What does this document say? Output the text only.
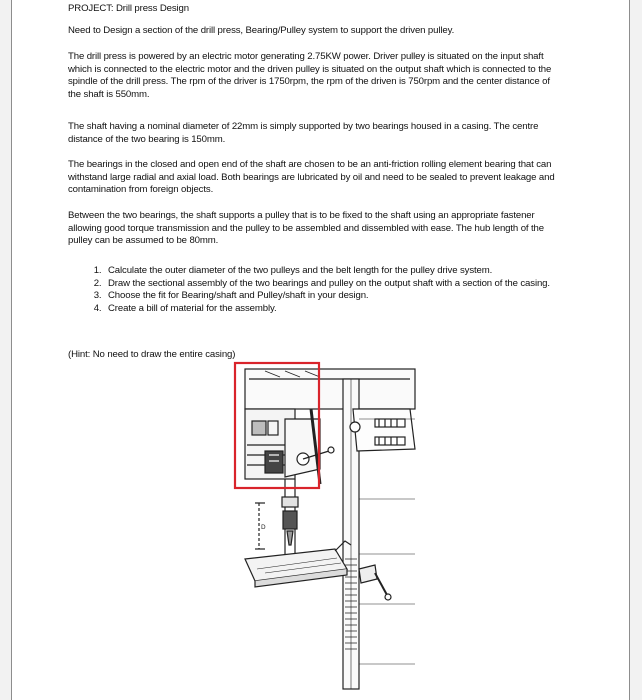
PROJECT: Drill press Design

Need to Design a section of the drill press, Bearing/Pulley system to support the driven pulley.

The drill press is powered by an electric motor generating 2.75KW power. Driver pulley is situated on the input shaft which is connected to the electric motor and the driven pulley is situated on the output shaft which is connected to the spindle of the drill press. The rpm of the driver is 1750rpm, the rpm of the driven is 750rpm and the center distance of the shaft is 550mm.

The shaft having a nominal diameter of 22mm is simply supported by two bearings housed in a casing. The centre distance of the two bearing is 150mm.

The bearings in the closed and open end of the shaft are chosen to be an anti-friction rolling element bearing that can withstand large radial and axial load. Both bearings are lubricated by oil and need to be sealed to prevent leakage and contamination from foreign objects.

Between the two bearings, the shaft supports a pulley that is to be fixed to the shaft using an appropriate fastener allowing good torque transmission and the pulley to be assembled and dissembled with ease. The hub length of the pulley can be assumed to be 80mm.

1. Calculate the outer diameter of the two pulleys and the belt length for the pulley drive system.
2. Draw the sectional assembly of the two bearings and pulley on the output shaft with a section of the casing.
3. Choose the fit for Bearing/shaft and Pulley/shaft in your design.
4. Create a bill of material for the assembly.
(Hint: No need to draw the entire casing)
D
